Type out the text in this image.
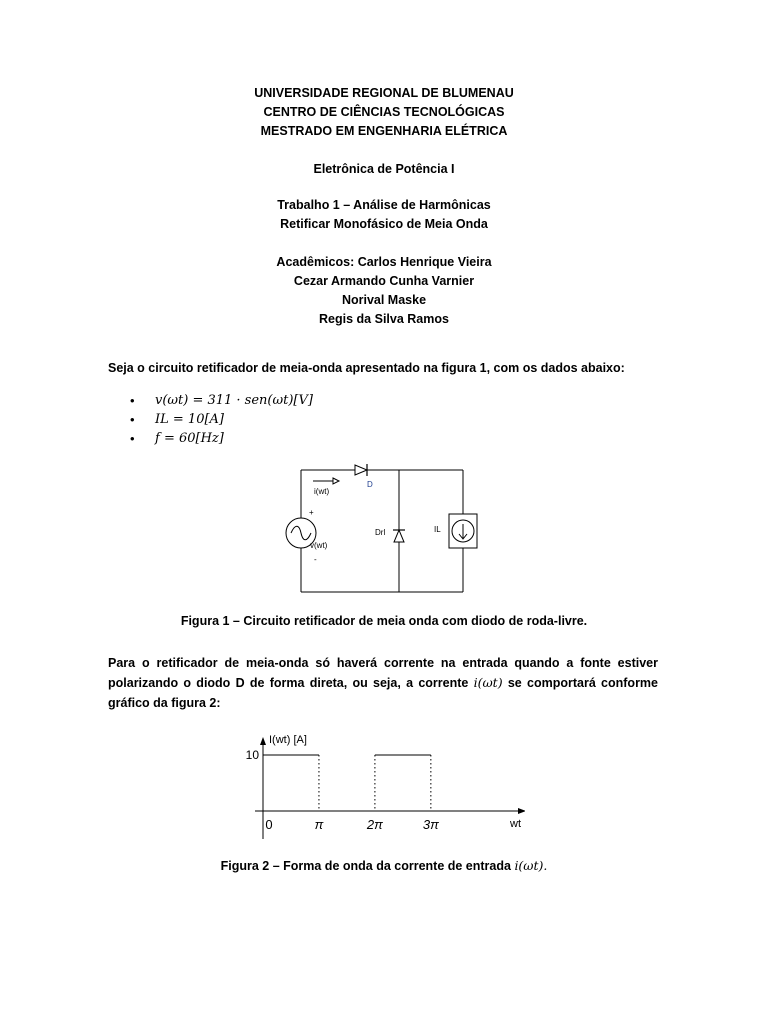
UNIVERSIDADE REGIONAL DE BLUMENAU
CENTRO DE CIÊNCIAS TECNOLÓGICAS
MESTRADO EM ENGENHARIA ELÉTRICA
Eletrônica de Potência I
Trabalho 1 – Análise de Harmônicas
Retificar Monofásico de Meia Onda
Acadêmicos: Carlos Henrique Vieira
Cezar Armando Cunha Varnier
Norival Maske
Regis da Silva Ramos
Seja o circuito retificador de meia-onda apresentado na figura 1, com os dados abaixo:
• v(ωt) = 311 · sen(ωt)[V]
• IL = 10[A]
• f = 60[Hz]
i(wt)
+
v(wt)
-
D
Drl	IL
Figura 1 – Circuito retificador de meia onda com diodo de roda-livre.
Para o retificador de meia-onda só haverá corrente na entrada quando a fonte estiver polarizando o diodo D de forma direta, ou seja, a corrente i(ωt) se comportará conforme gráfico da figura 2:
I(wt) [A]
wt
10
0	π	2π	3π
Figura 2 – Forma de onda da corrente de entrada i(ωt).
